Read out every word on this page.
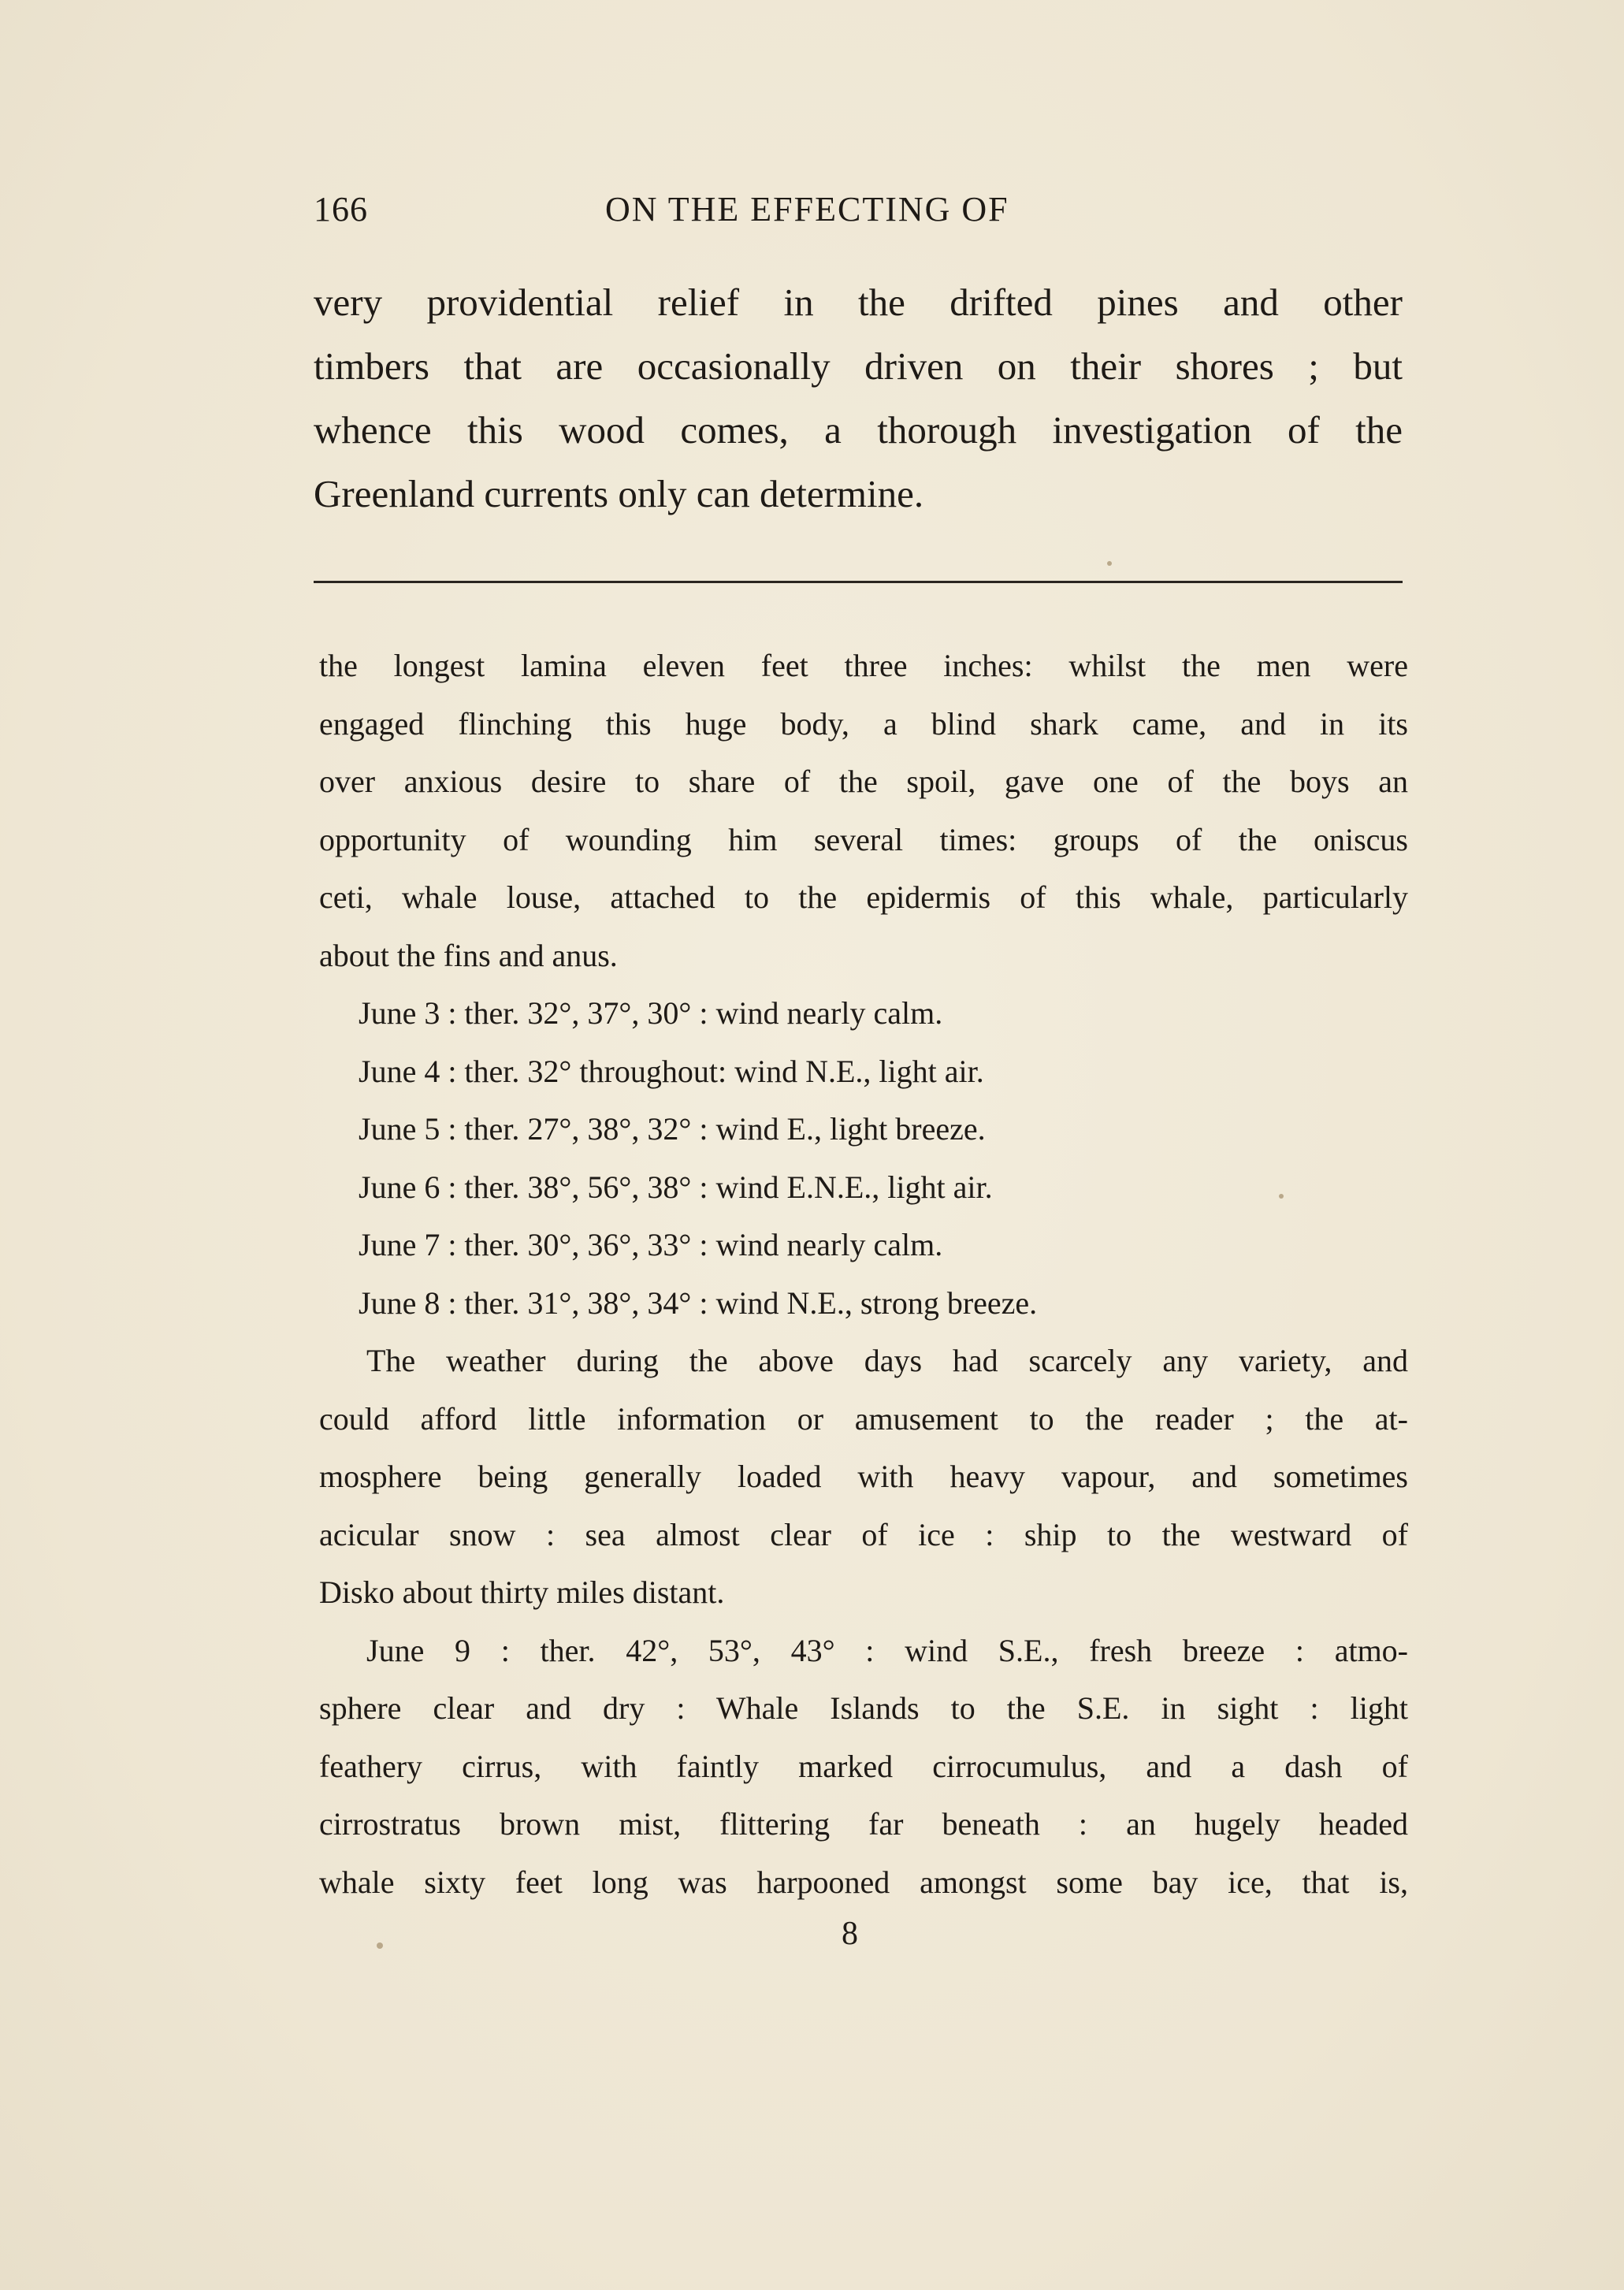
166	ON THE EFFECTING OF
very providential relief in the drifted pines and other
timbers that are occasionally driven on their shores ; but
whence this wood comes, a thorough investigation of the
Greenland currents only can determine.
the longest lamina eleven feet three inches: whilst the men were
engaged flinching this huge body, a blind shark came, and in its
over anxious desire to share of the spoil, gave one of the boys an
opportunity of wounding him several times: groups of the oniscus
ceti, whale louse, attached to the epidermis of this whale, particularly
about the fins and anus.
June 3 : ther. 32°, 37°, 30° : wind nearly calm.
June 4 : ther. 32° throughout: wind N.E., light air.
June 5 : ther. 27°, 38°, 32° : wind E., light breeze.
June 6 : ther. 38°, 56°, 38° : wind E.N.E., light air.
June 7 : ther. 30°, 36°, 33° : wind nearly calm.
June 8 : ther. 31°, 38°, 34° : wind N.E., strong breeze.
The weather during the above days had scarcely any variety, and
could afford little information or amusement to the reader ; the at-
mosphere being generally loaded with heavy vapour, and sometimes
acicular snow : sea almost clear of ice : ship to the westward of
Disko about thirty miles distant.
June 9 : ther. 42°, 53°, 43° : wind S.E., fresh breeze : atmo-
sphere clear and dry : Whale Islands to the S.E. in sight : light
feathery cirrus, with faintly marked cirrocumulus, and a dash of
cirrostratus brown mist, flittering far beneath : an hugely headed
whale sixty feet long was harpooned amongst some bay ice, that is,
8
